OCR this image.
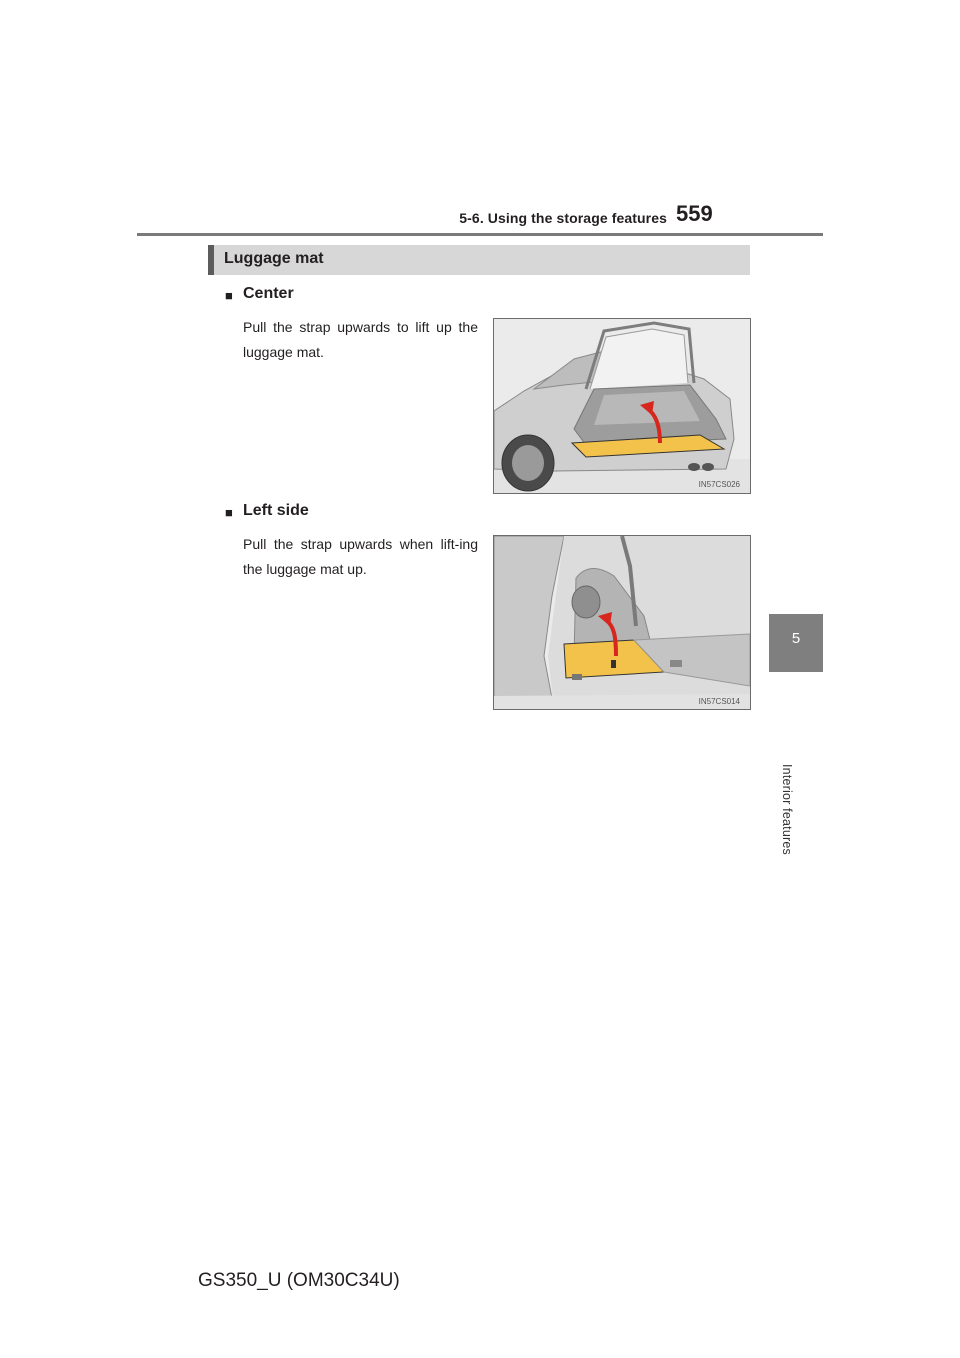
5-6. Using the storage features 559
5
Interior features
Luggage mat
■ Center
Pull the strap upwards to lift up the luggage mat.
IN57CS026
■ Left side
Pull the strap upwards when lift-ing the luggage mat up.
IN57CS014
GS350_U (OM30C34U)
